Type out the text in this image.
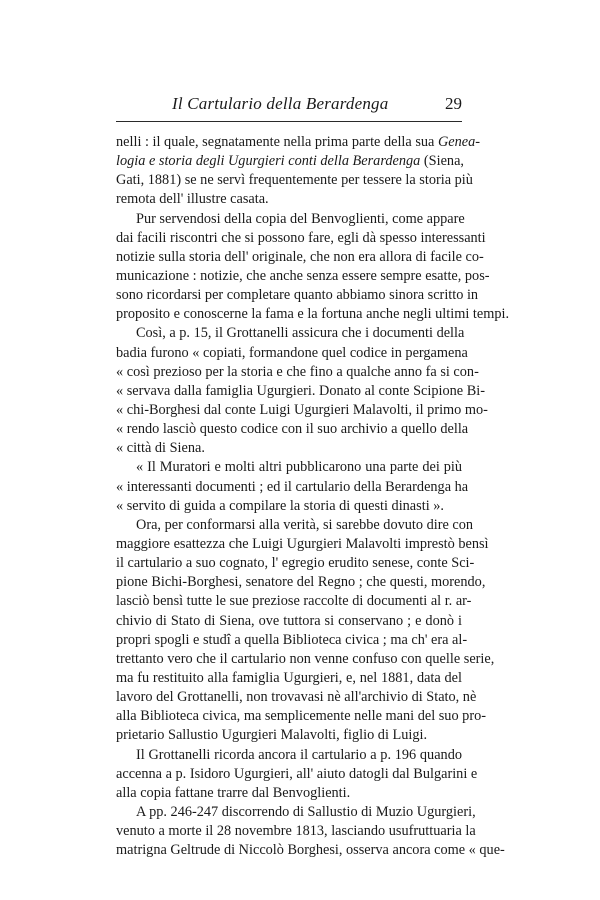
Il Cartulario della Berardenga	29
nelli : il quale, segnatamente nella prima parte della sua Genea-
logia e storia degli Ugurgieri conti della Berardenga (Siena,
Gati, 1881) se ne servì frequentemente per tessere la storia più
remota dell' illustre casata.
Pur servendosi della copia del Benvoglienti, come appare
dai facili riscontri che si possono fare, egli dà spesso interessanti
notizie sulla storia dell' originale, che non era allora di facile co-
municazione : notizie, che anche senza essere sempre esatte, pos-
sono ricordarsi per completare quanto abbiamo sinora scritto in
proposito e conoscerne la fama e la fortuna anche negli ultimi tempi.
Così, a p. 15, il Grottanelli assicura che i documenti della
badia furono « copiati, formandone quel codice in pergamena
« così prezioso per la storia e che fino a qualche anno fa si con-
« servava dalla famiglia Ugurgieri. Donato al conte Scipione Bi-
« chi-Borghesi dal conte Luigi Ugurgieri Malavolti, il primo mo-
« rendo lasciò questo codice con il suo archivio a quello della
« città di Siena.
« Il Muratori e molti altri pubblicarono una parte dei più
« interessanti documenti ; ed il cartulario della Berardenga ha
« servito di guida a compilare la storia di questi dinasti ».
Ora, per conformarsi alla verità, si sarebbe dovuto dire con
maggiore esattezza che Luigi Ugurgieri Malavolti imprestò bensì
il cartulario a suo cognato, l' egregio erudito senese, conte Sci-
pione Bichi-Borghesi, senatore del Regno ; che questi, morendo,
lasciò bensì tutte le sue preziose raccolte di documenti al r. ar-
chivio di Stato di Siena, ove tuttora si conservano ; e donò i
propri spogli e studî a quella Biblioteca civica ; ma ch' era al-
trettanto vero che il cartulario non venne confuso con quelle serie,
ma fu restituito alla famiglia Ugurgieri, e, nel 1881, data del
lavoro del Grottanelli, non trovavasi nè all'archivio di Stato, nè
alla Biblioteca civica, ma semplicemente nelle mani del suo pro-
prietario Sallustio Ugurgieri Malavolti, figlio di Luigi.
Il Grottanelli ricorda ancora il cartulario a p. 196 quando
accenna a p. Isidoro Ugurgieri, all' aiuto datogli dal Bulgarini e
alla copia fattane trarre dal Benvoglienti.
A pp. 246-247 discorrendo di Sallustio di Muzio Ugurgieri,
venuto a morte il 28 novembre 1813, lasciando usufruttuaria la
matrigna Geltrude di Niccolò Borghesi, osserva ancora come « que-
